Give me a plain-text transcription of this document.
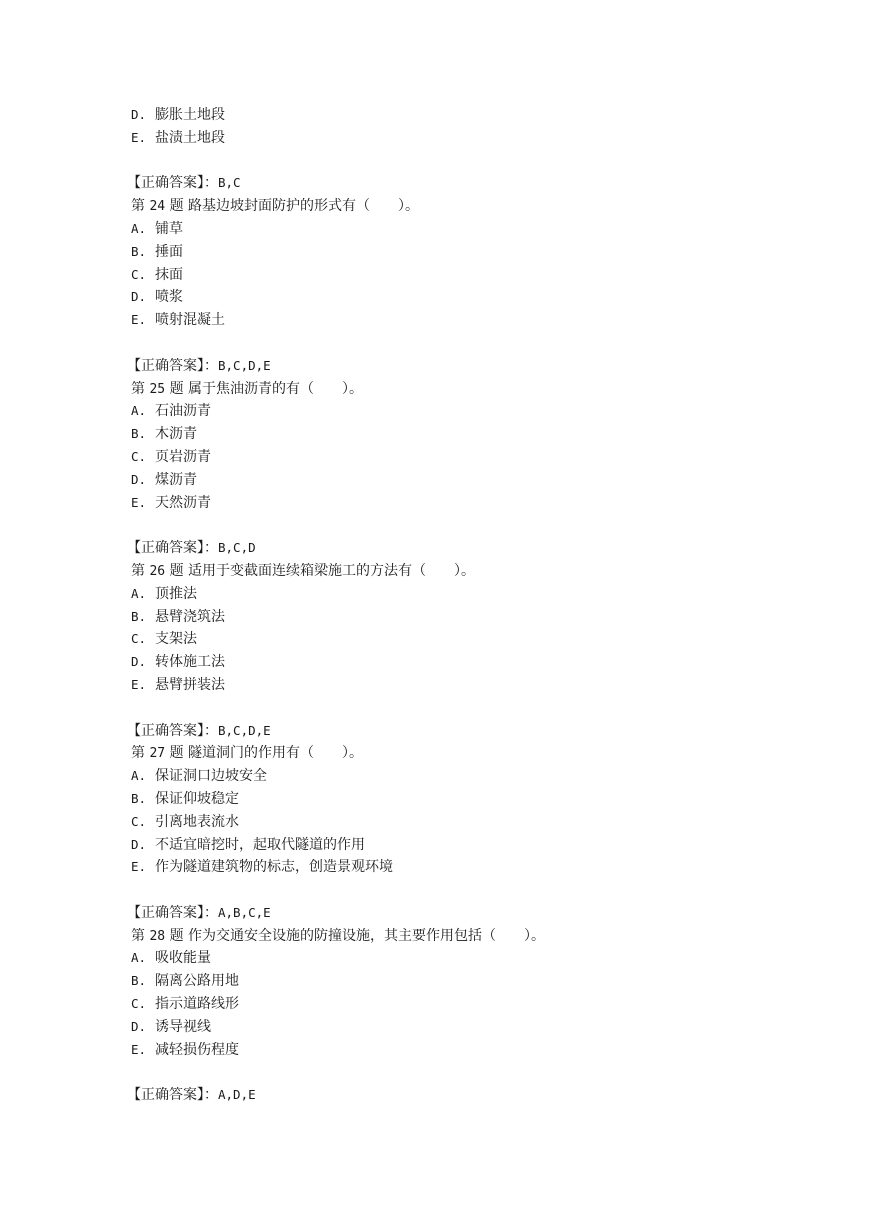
D. 膨胀土地段
E. 盐渍土地段
【正确答案】：B,C
第 24 题 路基边坡封面防护的形式有（　　）。
A. 铺草
B. 捶面
C. 抹面
D. 喷浆
E. 喷射混凝土
【正确答案】：B,C,D,E
第 25 题 属于焦油沥青的有（　　）。
A. 石油沥青
B. 木沥青
C. 页岩沥青
D. 煤沥青
E. 天然沥青
【正确答案】：B,C,D
第 26 题 适用于变截面连续箱梁施工的方法有（　　）。
A. 顶推法
B. 悬臂浇筑法
C. 支架法
D. 转体施工法
E. 悬臂拼装法
【正确答案】：B,C,D,E
第 27 题 隧道洞门的作用有（　　）。
A. 保证洞口边坡安全
B. 保证仰坡稳定
C. 引离地表流水
D. 不适宜暗挖时，起取代隧道的作用
E. 作为隧道建筑物的标志，创造景观环境
【正确答案】：A,B,C,E
第 28 题 作为交通安全设施的防撞设施，其主要作用包括（　　）。
A. 吸收能量
B. 隔离公路用地
C. 指示道路线形
D. 诱导视线
E. 减轻损伤程度
【正确答案】：A,D,E
